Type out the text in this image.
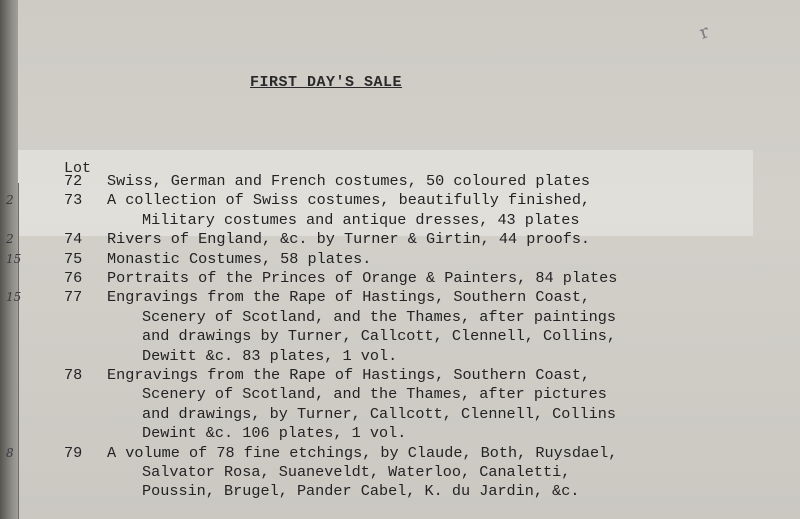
r
FIRST DAY'S SALE
Lot
72	Swiss, German and French costumes, 50 coloured plates
2	73	A collection of Swiss costumes, beautifully finished,
Military costumes and antique dresses, 43 plates
2	74	Rivers of England, &c. by Turner & Girtin, 44 proofs.
15	75	Monastic Costumes, 58 plates.
76	Portraits of the Princes of Orange & Painters, 84 plates
15	77	Engravings from the Rape of Hastings, Southern Coast,
Scenery of Scotland, and the Thames, after paintings
and drawings by Turner, Callcott, Clennell, Collins,
Dewitt &c. 83 plates, 1 vol.
78	Engravings from the Rape of Hastings, Southern Coast,
Scenery of Scotland, and the Thames, after pictures
and drawings, by Turner, Callcott, Clennell, Collins
Dewint &c. 106 plates, 1 vol.
8	79	A volume of 78 fine etchings, by Claude, Both, Ruysdael,
Salvator Rosa, Suaneveldt, Waterloo, Canaletti,
Poussin, Brugel, Pander Cabel, K. du Jardin, &c.
